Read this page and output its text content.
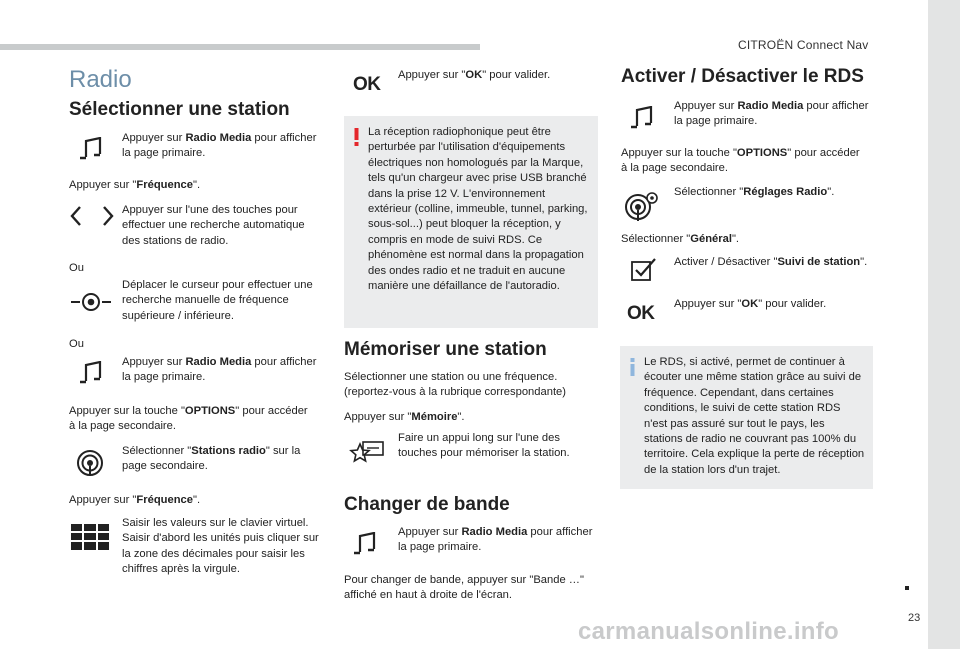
CITROËN Connect Nav
23
carmanualsonline.info
Radio
Sélectionner une station
Appuyer sur Radio Media pour afficher la page primaire.
Appuyer sur "Fréquence".
Appuyer sur l'une des touches pour effectuer une recherche automatique des stations de radio.
Ou
Déplacer le curseur pour effectuer une recherche manuelle de fréquence supérieure / inférieure.
Ou
Appuyer sur Radio Media pour afficher la page primaire.
Appuyer sur la touche "OPTIONS" pour accéder à la page secondaire.
Sélectionner "Stations radio" sur la page secondaire.
Appuyer sur "Fréquence".
Saisir les valeurs sur le clavier virtuel.
Saisir d'abord les unités puis cliquer sur la zone des décimales pour saisir les chiffres après la virgule.
OK Appuyer sur "OK" pour valider.
La réception radiophonique peut être perturbée par l'utilisation d'équipements électriques non homologués par la Marque, tels qu'un chargeur avec prise USB branché dans la prise 12 V. L'environnement extérieur (colline, immeuble, tunnel, parking, sous-sol...) peut bloquer la réception, y compris en mode de suivi RDS. Ce phénomène est normal dans la propagation des ondes radio et ne traduit en aucune manière une défaillance de l'autoradio.
Mémoriser une station
Sélectionner une station ou une fréquence. (reportez-vous à la rubrique correspondante)
Appuyer sur "Mémoire".
Faire un appui long sur l'une des touches pour mémoriser la station.
Changer de bande
Appuyer sur Radio Media pour afficher la page primaire.
Pour changer de bande, appuyer sur "Bande …" affiché en haut à droite de l'écran.
Activer / Désactiver le RDS
Appuyer sur Radio Media pour afficher la page primaire.
Appuyer sur la touche "OPTIONS" pour accéder à la page secondaire.
Sélectionner "Réglages Radio".
Sélectionner "Général".
Activer / Désactiver "Suivi de station".
OK Appuyer sur "OK" pour valider.
Le RDS, si activé, permet de continuer à écouter une même station grâce au suivi de fréquence. Cependant, dans certaines conditions, le suivi de cette station RDS n'est pas assuré sur tout le pays, les stations de radio ne couvrant pas 100% du territoire. Cela explique la perte de réception de la station lors d'un trajet.
